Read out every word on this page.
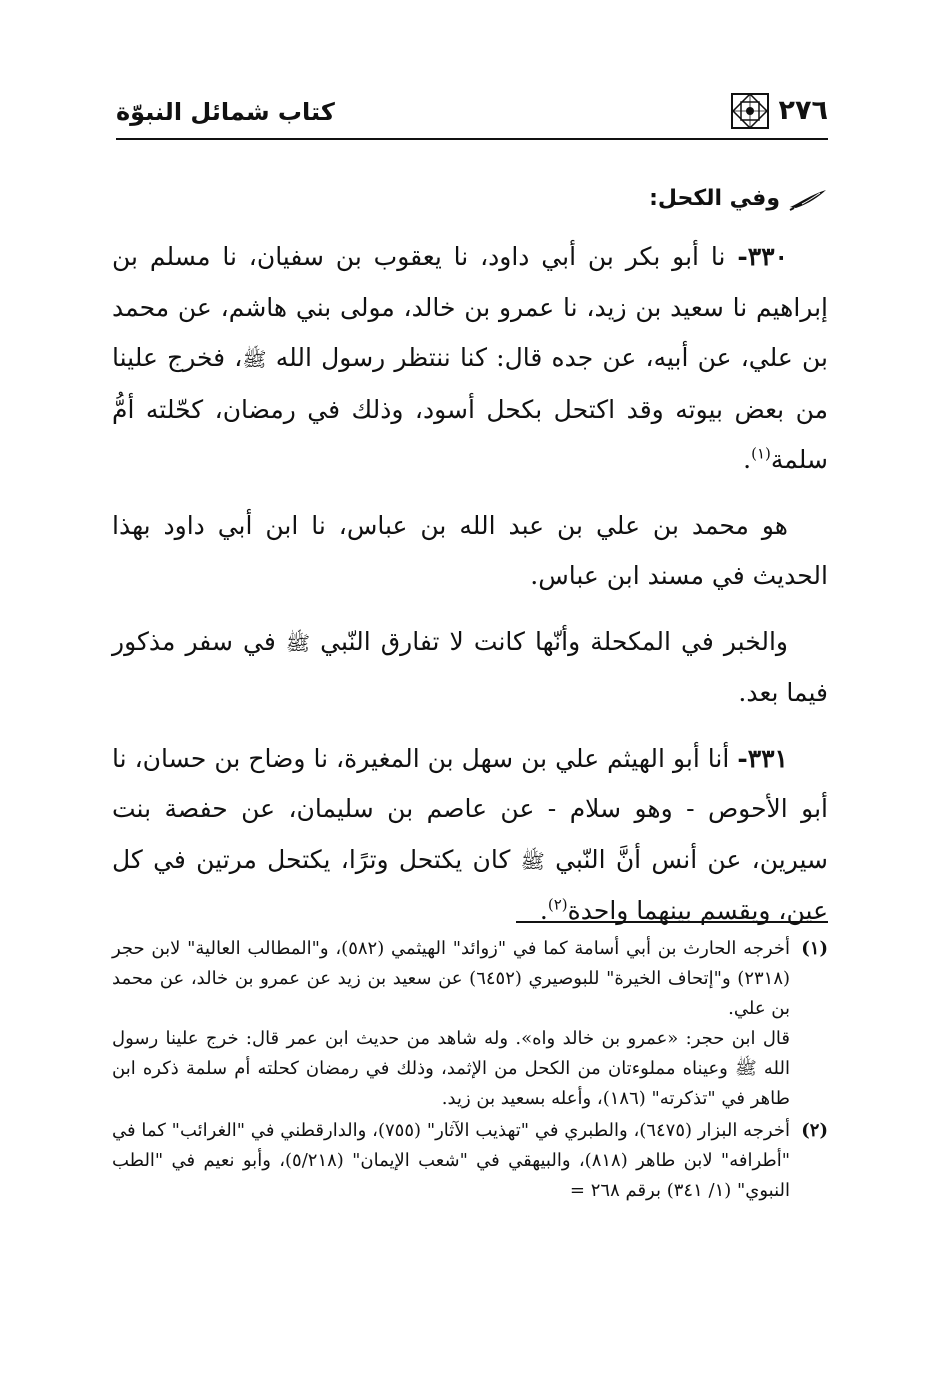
٢٧٦
كتاب شمائل النبوّة
وفي الكحل:

٣٣٠- نا أبو بكر بن أبي داود، نا يعقوب بن سفيان، نا مسلم بن إبراهيم نا سعيد بن زيد، نا عمرو بن خالد، مولى بني هاشم، عن محمد بن علي، عن أبيه، عن جده قال: كنا ننتظر رسول الله ﷺ، فخرج علينا من بعض بيوته وقد اكتحل بكحل أسود، وذلك في رمضان، كحّلته أمُّ سلمة$^{(١)}$.

هو محمد بن علي بن عبد الله بن عباس، نا ابن أبي داود بهذا الحديث في مسند ابن عباس.

والخبر في المكحلة وأنّها كانت لا تفارق النّبي ﷺ في سفر مذكور فيما بعد.

٣٣١- أنا أبو الهيثم علي بن سهل بن المغيرة، نا وضاح بن حسان، نا أبو الأحوص - وهو سلام - عن عاصم بن سليمان، عن حفصة بنت سيرين، عن أنس أنَّ النّبي ﷺ كان يكتحل وترًا، يكتحل مرتين في كل عين، ويقسم بينهما واحدة$^{(٢)}$.

(١)

أخرجه الحارث بن أبي أسامة كما في "زوائد" الهيثمي (٥٨٢)، و"المطالب العالية" لابن حجر (٢٣١٨) و"إتحاف الخيرة" للبوصيري (٦٤٥٢) عن سعيد بن زيد عن عمرو بن خالد، عن محمد بن علي.

قال ابن حجر: «عمرو بن خالد واه». وله شاهد من حديث ابن عمر قال: خرج علينا رسول الله ﷺ وعيناه مملوءتان من الكحل من الإثمد، وذلك في رمضان كحلته أم سلمة ذكره ابن طاهر في "تذكرته" (١٨٦)، وأعله بسعيد بن زيد.

(٢)

أخرجه البزار (٦٤٧٥)، والطبري في "تهذيب الآثار" (٧٥٥)، والدارقطني في "الغرائب" كما في "أطرافه" لابن طاهر (٨١٨)، والبيهقي في "شعب الإيمان" (٥/٢١٨)، وأبو نعيم في "الطب النبوي" (١/ ٣٤١) برقم ٢٦٨ =
